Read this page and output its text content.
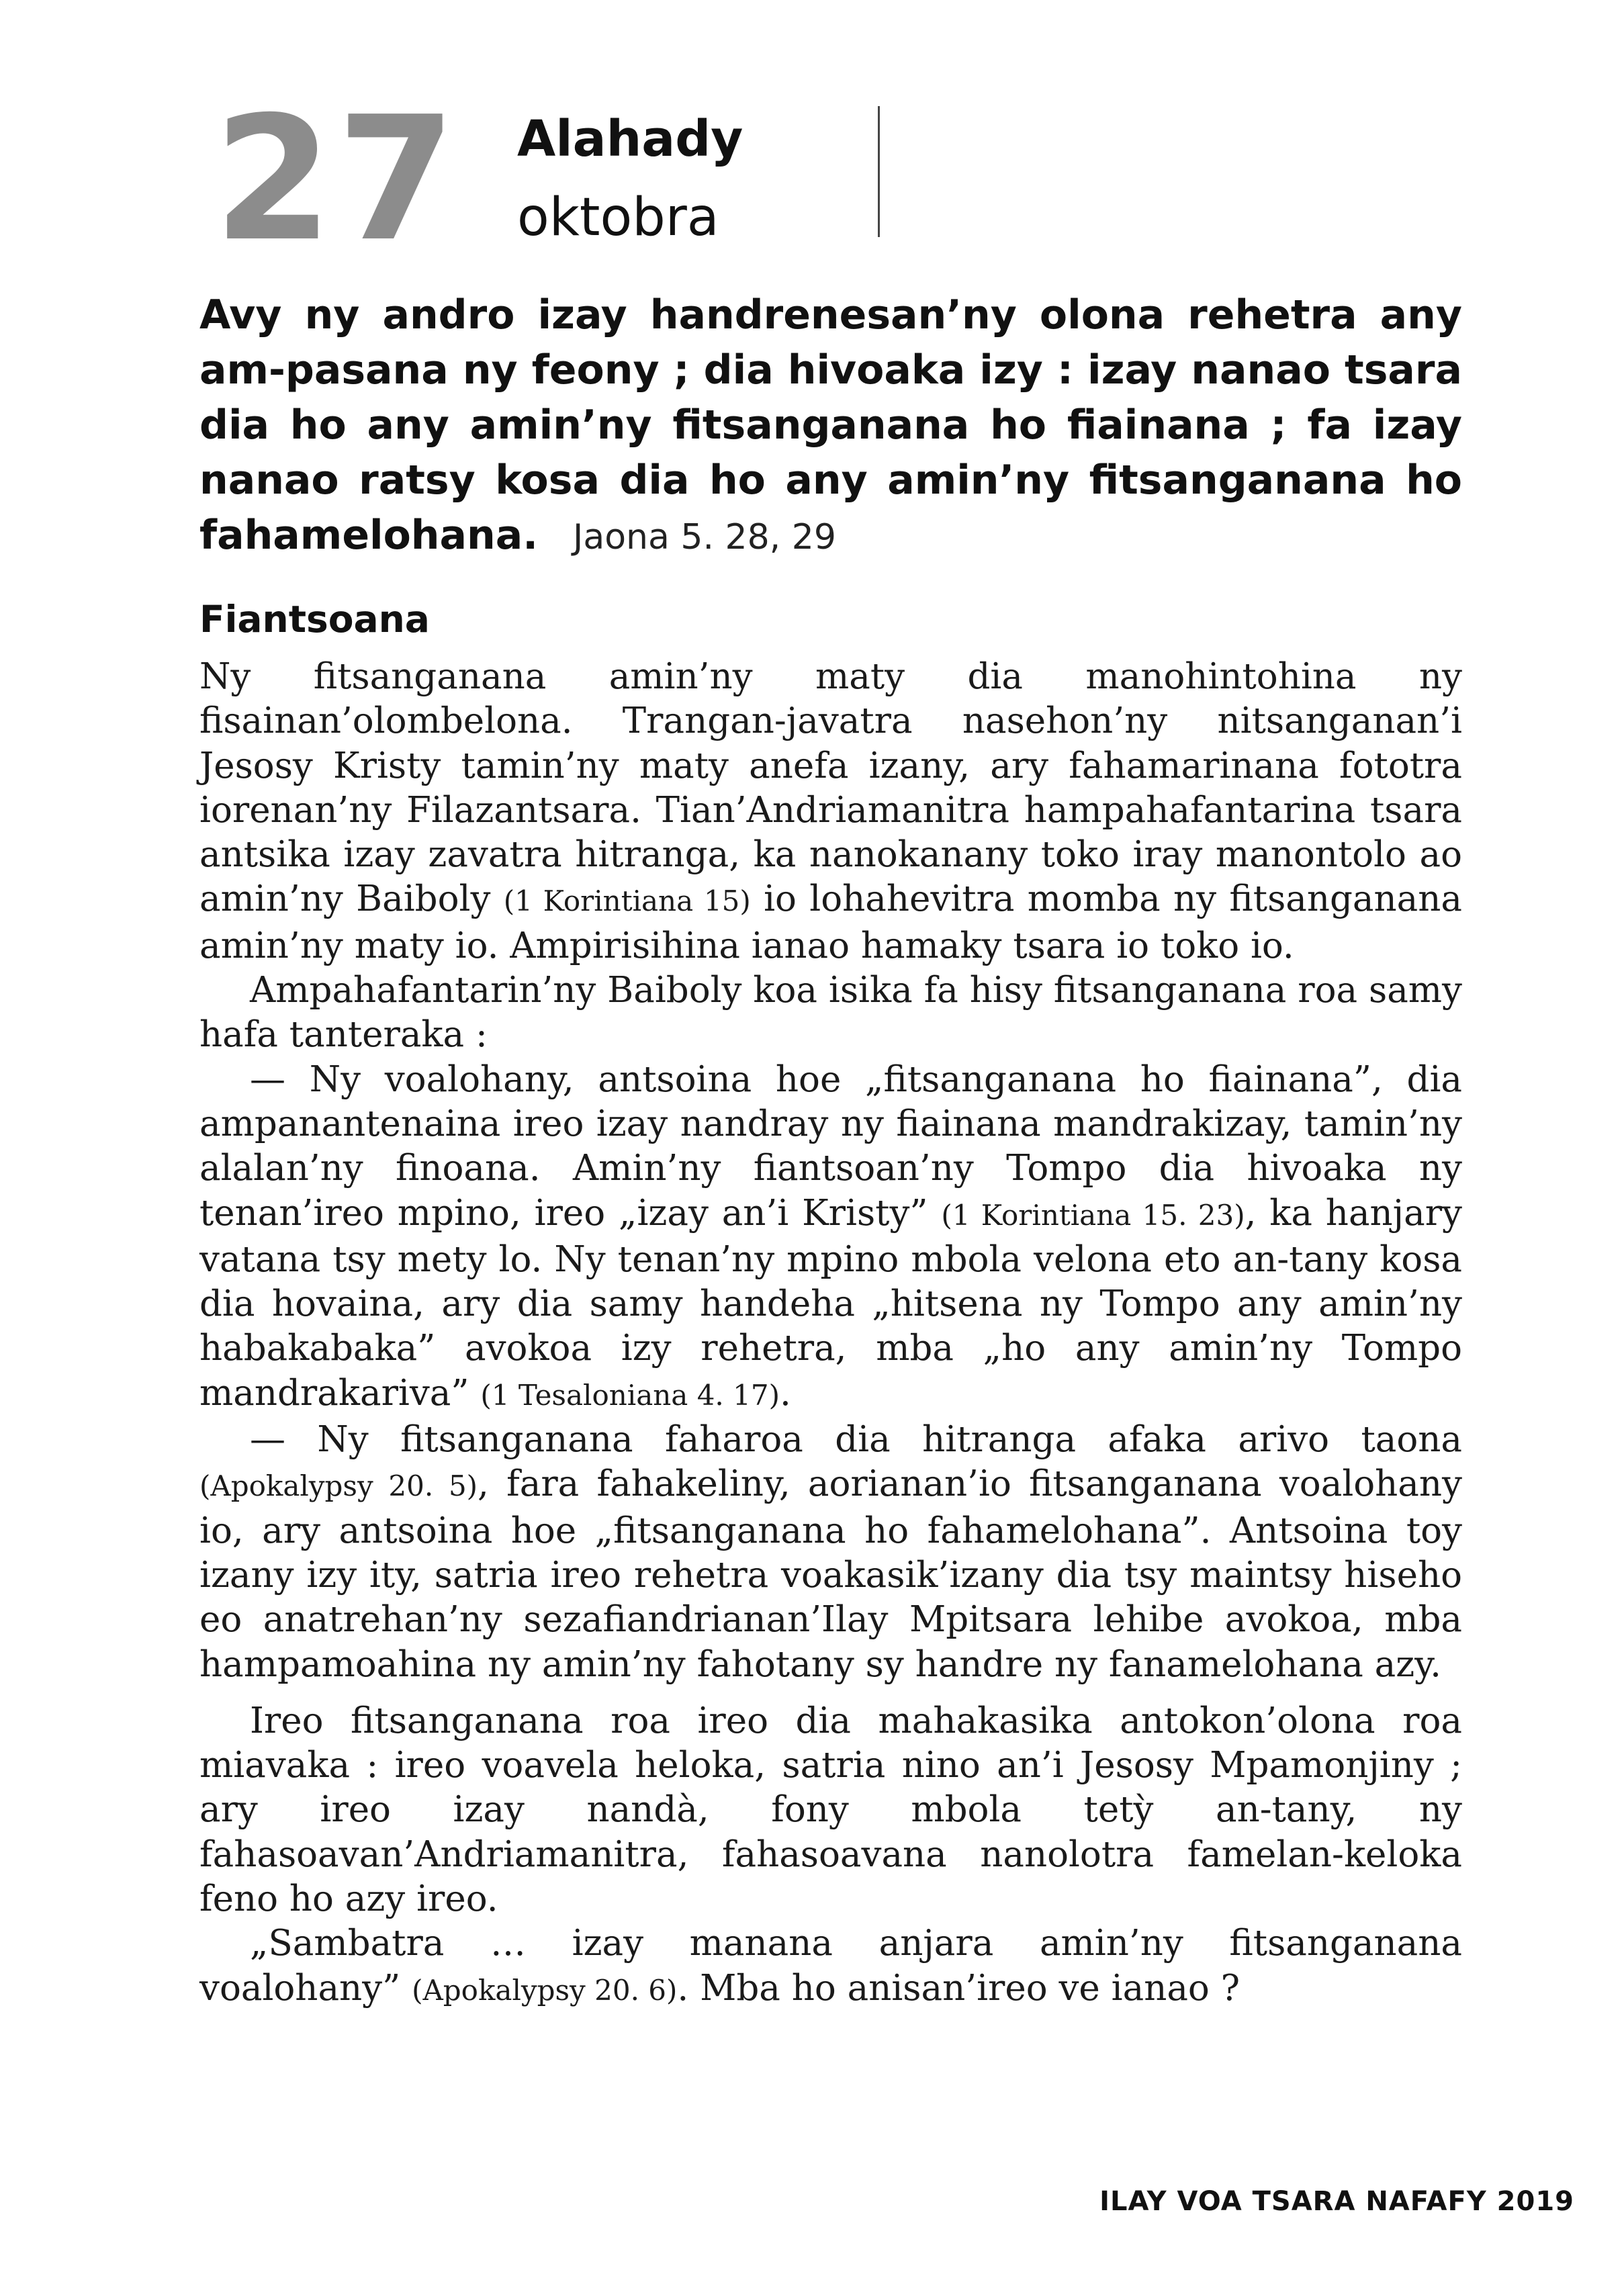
27 Alahady
oktobra
Avy ny andro izay handrenesan’ny olona rehetra any am-pasana ny feony ; dia hivoaka izy : izay nanao tsara dia ho any amin’ny fitsanganana ho fiainana ; fa izay nanao ratsy kosa dia ho any amin’ny fitsanganana ho fahamelohana. Jaona 5. 28, 29
Fiantsoana

Ny fitsanganana amin’ny maty dia manohintohina ny fisainan’olombelona. Trangan-javatra nasehon’ny nitsanganan’i Jesosy Kristy tamin’ny maty anefa izany, ary fahamarinana fototra iorenan’ny Filazantsara. Tian’Andriamanitra hampahafantarina tsara antsika izay zavatra hitranga, ka nanokanany toko iray manontolo ao amin’ny Baiboly (1 Korintiana 15) io lohahevitra momba ny fitsanganana amin’ny maty io. Ampirisihina ianao hamaky tsara io toko io.

Ampahafantarin’ny Baiboly koa isika fa hisy fitsanganana roa samy hafa tanteraka :

— Ny voalohany, antsoina hoe „fitsanganana ho fiainana”, dia ampanantenaina ireo izay nandray ny fiainana mandrakizay, tamin’ny alalan’ny finoana. Amin’ny fiantsoan’ny Tompo dia hivoaka ny tenan’ireo mpino, ireo „izay an’i Kristy” (1 Korintiana 15. 23), ka hanjary vatana tsy mety lo. Ny tenan’ny mpino mbola velona eto an-tany kosa dia hovaina, ary dia samy handeha „hitsena ny Tompo any amin’ny habakabaka” avokoa izy rehetra, mba „ho any amin’ny Tompo mandrakariva” (1 Tesaloniana 4. 17).

— Ny fitsanganana faharoa dia hitranga afaka arivo taona (Apokalypsy 20. 5), fara fahakeliny, aorianan’io fitsanganana voalohany io, ary antsoina hoe „fitsanganana ho fahamelohana”. Antsoina toy izany izy ity, satria ireo rehetra voakasik’izany dia tsy maintsy hiseho eo anatrehan’ny sezafiandrianan’Ilay Mpitsara lehibe avokoa, mba hampamoahina ny amin’ny fahotany sy handre ny fanamelohana azy.

Ireo fitsanganana roa ireo dia mahakasika antokon’olona roa miavaka : ireo voavela heloka, satria nino an’i Jesosy Mpamonjiny ; ary ireo izay nandà, fony mbola tetỳ an-tany, ny fahasoavan’Andriamanitra, fahasoavana nanolotra famelan-keloka feno ho azy ireo.

„Sambatra … izay manana anjara amin’ny fitsanganana voalohany” (Apokalypsy 20. 6). Mba ho anisan’ireo ve ianao ?

ILAY VOA TSARA NAFAFY 2019
